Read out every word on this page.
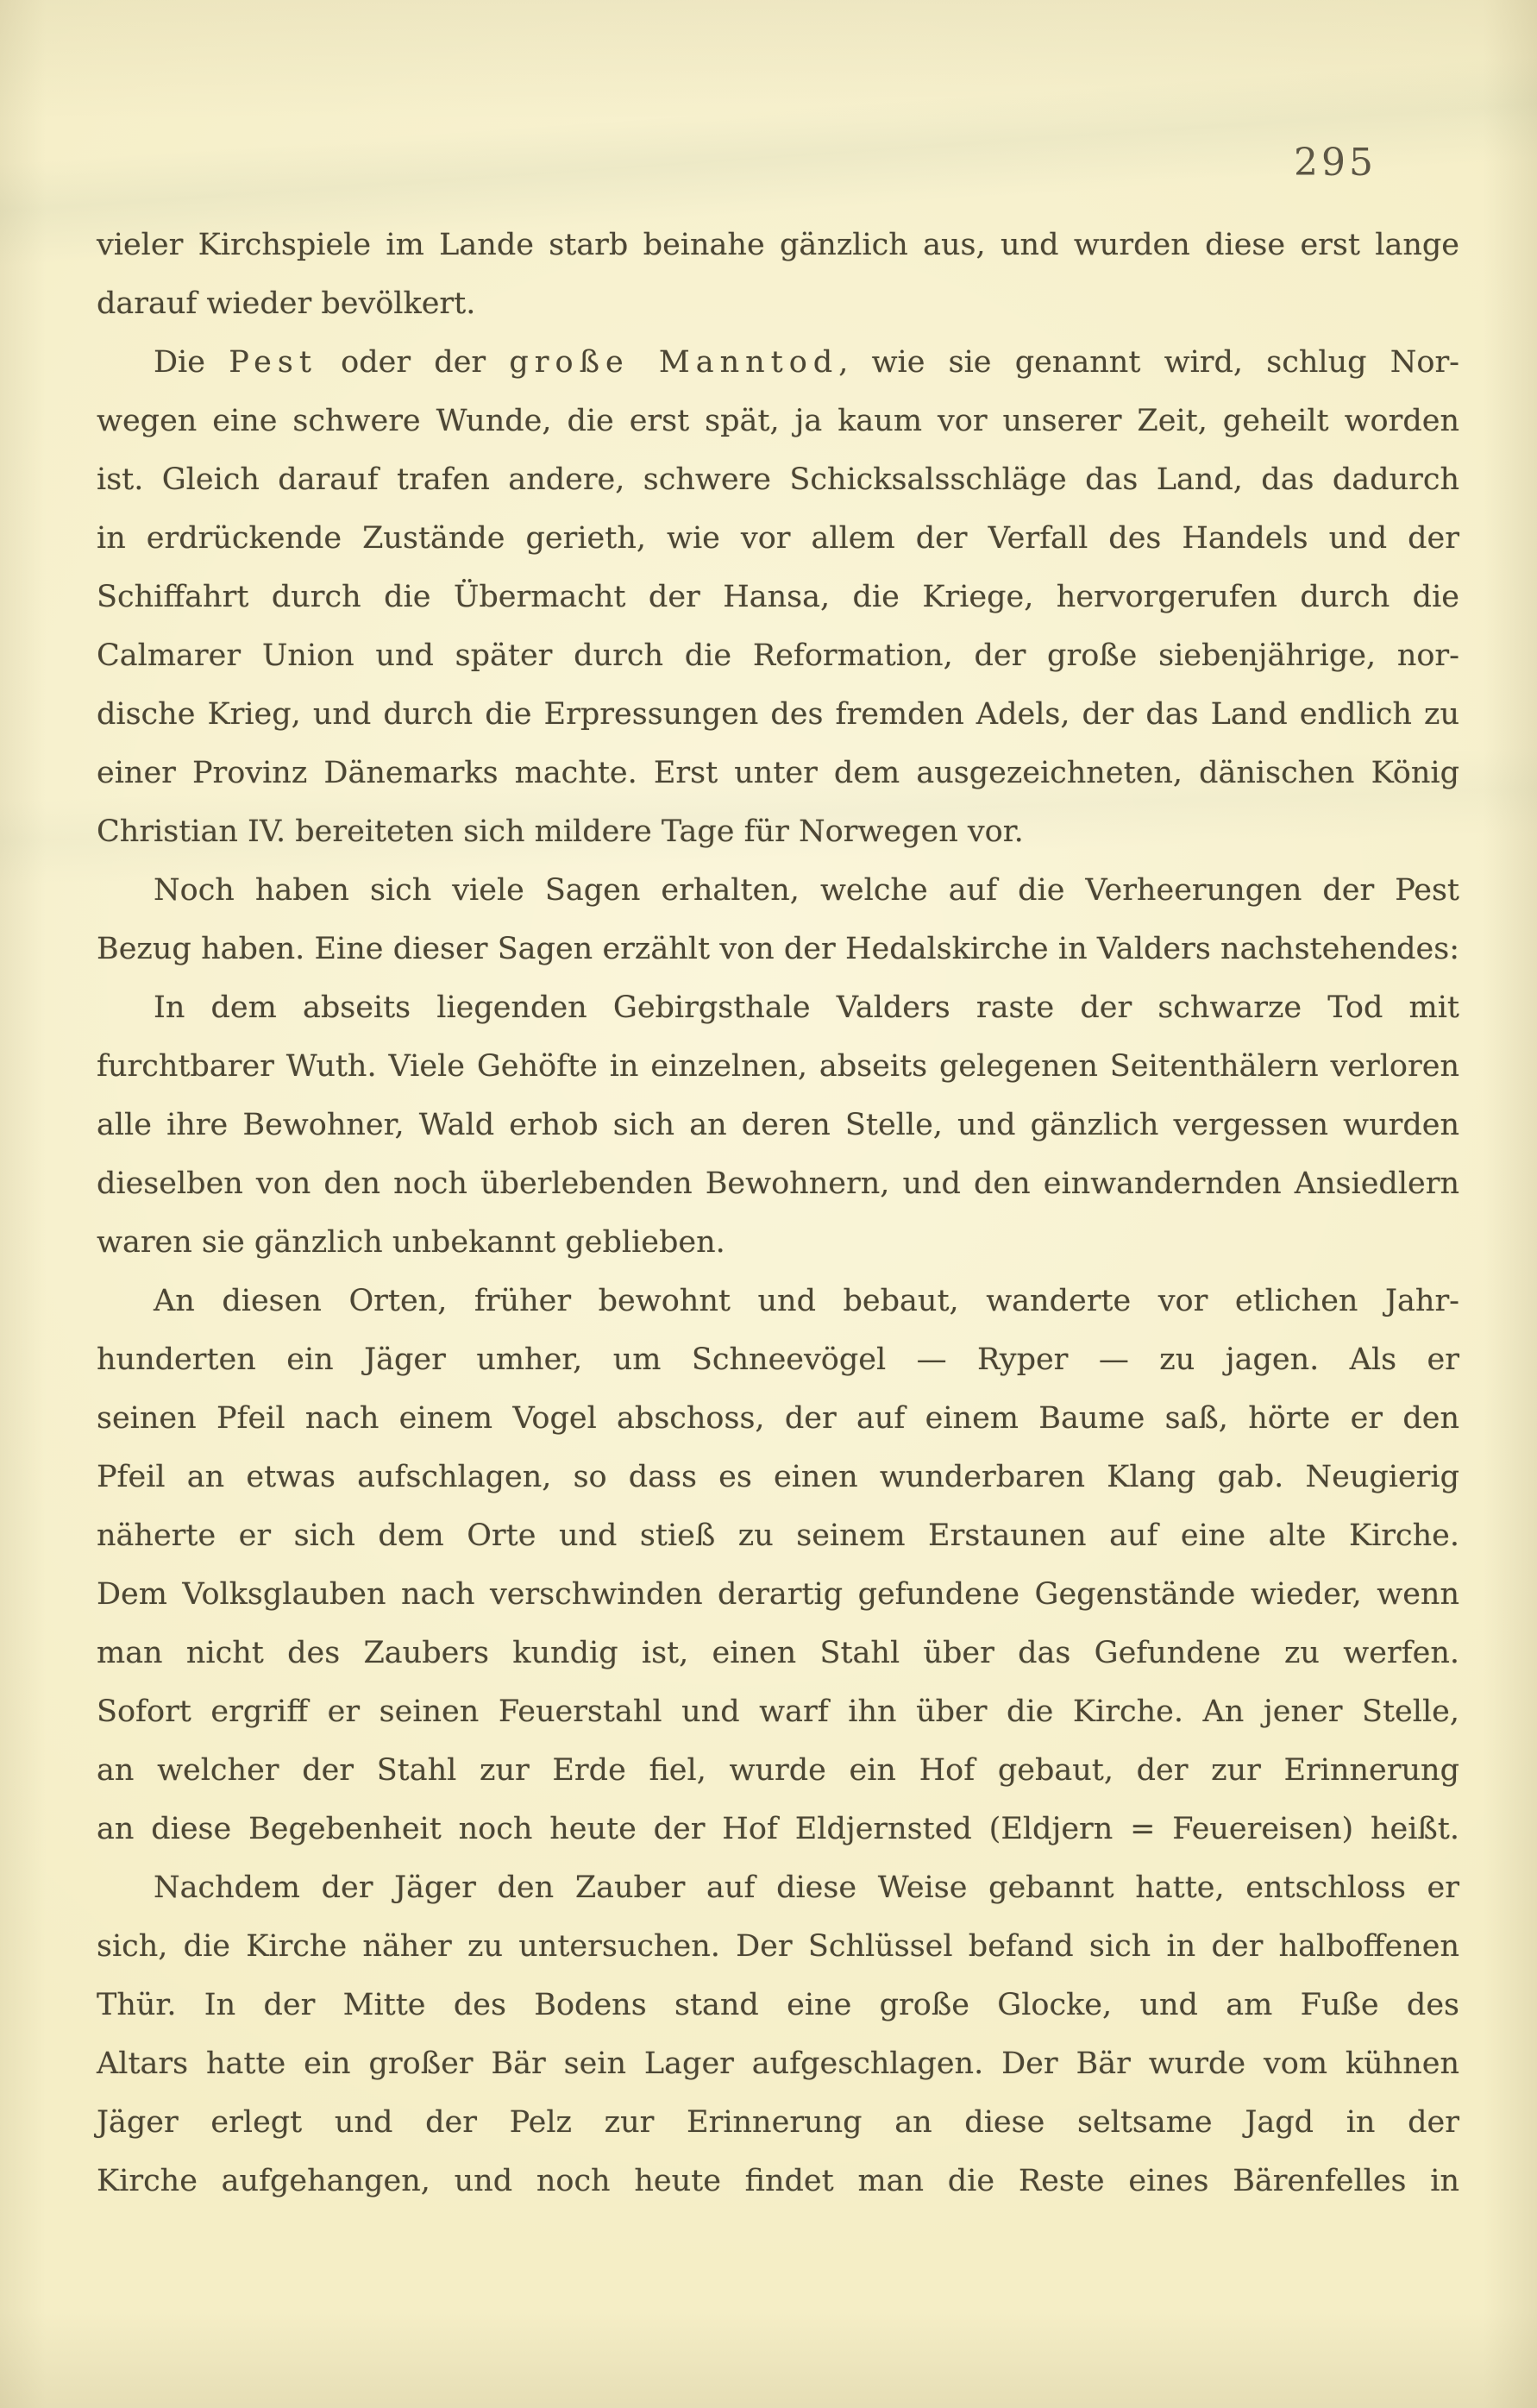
295
vieler Kirchspiele im Lande starb beinahe gänzlich aus, und wurden diese erst lange
darauf wieder bevölkert.
Die Pest oder der große Manntod, wie sie genannt wird, schlug Nor-
wegen eine schwere Wunde, die erst spät, ja kaum vor unserer Zeit, geheilt worden
ist. Gleich darauf trafen andere, schwere Schicksalsschläge das Land, das dadurch
in erdrückende Zustände gerieth, wie vor allem der Verfall des Handels und der
Schiffahrt durch die Übermacht der Hansa, die Kriege, hervorgerufen durch die
Calmarer Union und später durch die Reformation, der große siebenjährige, nor-
dische Krieg, und durch die Erpressungen des fremden Adels, der das Land endlich zu
einer Provinz Dänemarks machte. Erst unter dem ausgezeichneten, dänischen König
Christian IV. bereiteten sich mildere Tage für Norwegen vor.
Noch haben sich viele Sagen erhalten, welche auf die Verheerungen der Pest
Bezug haben. Eine dieser Sagen erzählt von der Hedalskirche in Valders nachstehendes:
In dem abseits liegenden Gebirgsthale Valders raste der schwarze Tod mit
furchtbarer Wuth. Viele Gehöfte in einzelnen, abseits gelegenen Seitenthälern verloren
alle ihre Bewohner, Wald erhob sich an deren Stelle, und gänzlich vergessen wurden
dieselben von den noch überlebenden Bewohnern, und den einwandernden Ansiedlern
waren sie gänzlich unbekannt geblieben.
An diesen Orten, früher bewohnt und bebaut, wanderte vor etlichen Jahr-
hunderten ein Jäger umher, um Schneevögel — Ryper — zu jagen. Als er
seinen Pfeil nach einem Vogel abschoss, der auf einem Baume saß, hörte er den
Pfeil an etwas aufschlagen, so dass es einen wunderbaren Klang gab. Neugierig
näherte er sich dem Orte und stieß zu seinem Erstaunen auf eine alte Kirche.
Dem Volksglauben nach verschwinden derartig gefundene Gegenstände wieder, wenn
man nicht des Zaubers kundig ist, einen Stahl über das Gefundene zu werfen.
Sofort ergriff er seinen Feuerstahl und warf ihn über die Kirche. An jener Stelle,
an welcher der Stahl zur Erde fiel, wurde ein Hof gebaut, der zur Erinnerung
an diese Begebenheit noch heute der Hof Eldjernsted (Eldjern = Feuereisen) heißt.
Nachdem der Jäger den Zauber auf diese Weise gebannt hatte, entschloss er
sich, die Kirche näher zu untersuchen. Der Schlüssel befand sich in der halboffenen
Thür. In der Mitte des Bodens stand eine große Glocke, und am Fuße des
Altars hatte ein großer Bär sein Lager aufgeschlagen. Der Bär wurde vom kühnen
Jäger erlegt und der Pelz zur Erinnerung an diese seltsame Jagd in der
Kirche aufgehangen, und noch heute findet man die Reste eines Bärenfelles in
